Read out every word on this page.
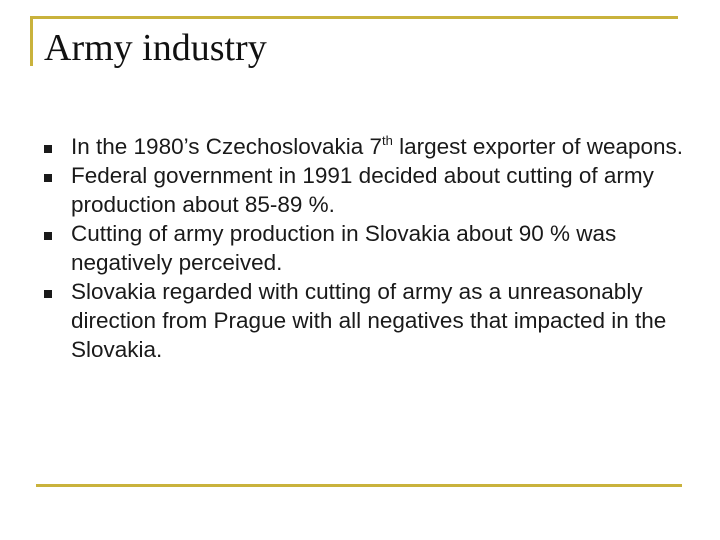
Army industry
In the 1980’s Czechoslovakia 7th largest exporter of weapons.
Federal government in 1991 decided about cutting of army production about 85-89 %.
Cutting of army production in Slovakia about 90 % was negatively perceived.
Slovakia regarded with cutting of army as a unreasonably direction from Prague with all negatives that impacted in the Slovakia.
